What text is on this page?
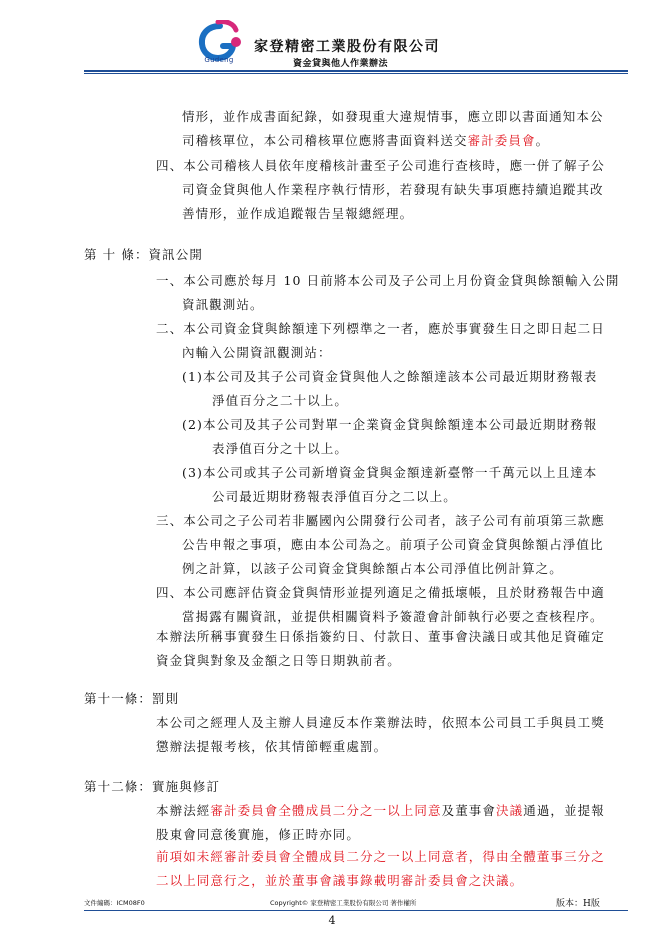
Gudeng
家登精密工業股份有限公司
資金貸與他人作業辦法
情形，並作成書面紀錄，如發現重大違規情事，應立即以書面通知本公
司稽核單位，本公司稽核單位應將書面資料送交審計委員會。
四、本公司稽核人員依年度稽核計畫至子公司進行查核時，應一併了解子公
司資金貸與他人作業程序執行情形，若發現有缺失事項應持續追蹤其改
善情形，並作成追蹤報告呈報總經理。
第 十 條：資訊公開
一、本公司應於每月 10 日前將本公司及子公司上月份資金貸與餘額輸入公開
資訊觀測站。
二、本公司資金貸與餘額達下列標準之一者，應於事實發生日之即日起二日
內輸入公開資訊觀測站：
(1)本公司及其子公司資金貸與他人之餘額達該本公司最近期財務報表
淨值百分之二十以上。
(2)本公司及其子公司對單一企業資金貸與餘額達本公司最近期財務報
表淨值百分之十以上。
(3)本公司或其子公司新增資金貸與金額達新臺幣一千萬元以上且達本
公司最近期財務報表淨值百分之二以上。
三、本公司之子公司若非屬國內公開發行公司者，該子公司有前項第三款應
公告申報之事項，應由本公司為之。前項子公司資金貸與餘額占淨值比
例之計算，以該子公司資金貸與餘額占本公司淨值比例計算之。
四、本公司應評估資金貸與情形並提列適足之備抵壞帳，且於財務報告中適
當揭露有關資訊，並提供相關資料予簽證會計師執行必要之查核程序。
本辦法所稱事實發生日係指簽約日、付款日、董事會決議日或其他足資確定
資金貸與對象及金額之日等日期孰前者。
第十一條：罰則
本公司之經理人及主辦人員違反本作業辦法時，依照本公司員工手與員工獎
懲辦法提報考核，依其情節輕重處罰。
第十二條：實施與修訂
本辦法經審計委員會全體成員二分之一以上同意及董事會決議通過，並提報
股東會同意後實施，修正時亦同。
前項如未經審計委員會全體成員二分之一以上同意者，得由全體董事三分之
二以上同意行之，並於董事會議事錄載明審計委員會之決議。
文件編碼：ICM08F0	Copyright© 家登精密工業股份有限公司 著作權所	版本：H版
4
